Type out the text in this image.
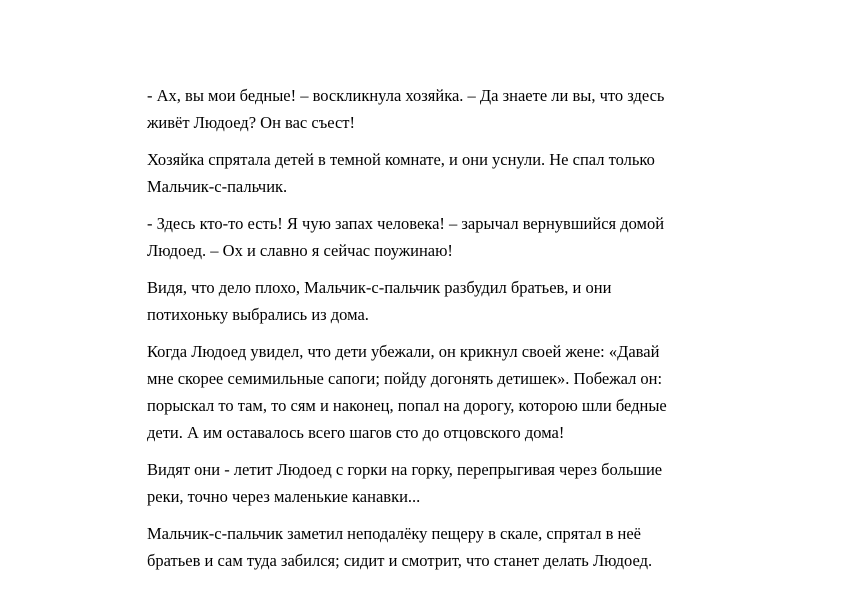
- Ах, вы мои бедные! – воскликнула хозяйка. – Да знаете ли вы, что здесь
живёт Людоед? Он вас съест!

Хозяйка спрятала детей в темной комнате, и они уснули. Не спал только
Мальчик-с-пальчик.

- Здесь кто-то есть! Я чую запах человека! – зарычал вернувшийся домой
Людоед. – Ох и славно я сейчас поужинаю!

Видя, что дело плохо, Мальчик-с-пальчик разбудил братьев, и они
потихоньку выбрались из дома.

Когда Людоед увидел, что дети убежали, он крикнул своей жене: «Давай
мне скорее семимильные сапоги; пойду догонять детишек». Побежал он:
порыскал то там, то сям и наконец, попал на дорогу, которою шли бедные
дети. А им оставалось всего шагов сто до отцовского дома!

Видят они - летит Людоед с горки на горку, перепрыгивая через большие
реки, точно через маленькие канавки...

Мальчик-с-пальчик заметил неподалёку пещеру в скале, спрятал в неё
братьев и сам туда забился; сидит и смотрит, что станет делать Людоед.
